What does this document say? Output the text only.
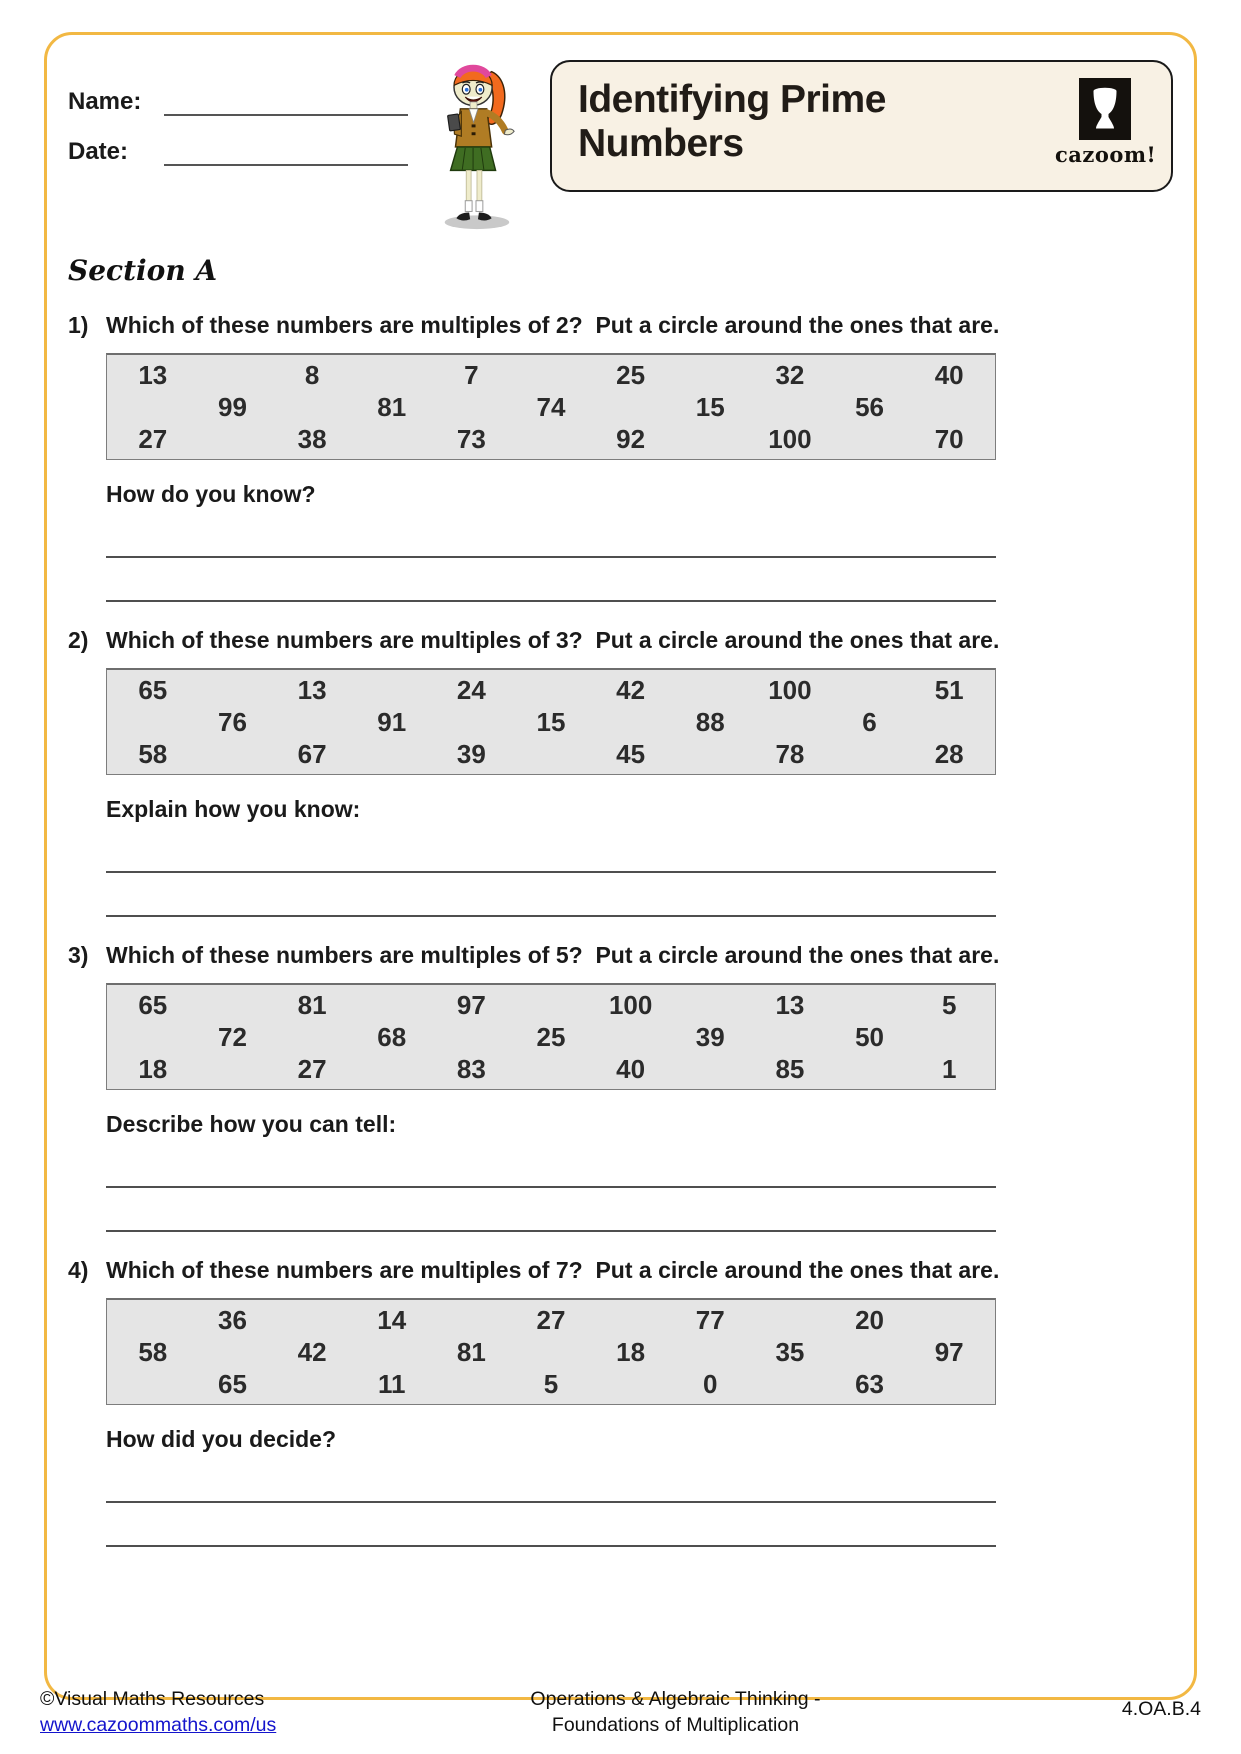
Name:
Date:
Identifying Prime
Numbers	cazoom!
Section A
1) Which of these numbers are multiples of 2?  Put a circle around the ones that are.
13	8	7	25	32	40
99	81	74	15	56
27	38	73	92	100	70
How do you know?
2) Which of these numbers are multiples of 3?  Put a circle around the ones that are.
65	13	24	42	100	51
76	91	15	88	6
58	67	39	45	78	28
Explain how you know:
3) Which of these numbers are multiples of 5?  Put a circle around the ones that are.
65	81	97	100	13	5
72	68	25	39	50
18	27	83	40	85	1
Describe how you can tell:
4) Which of these numbers are multiples of 7?  Put a circle around the ones that are.
36	14	27	77	20
58	42	81	18	35	97
65	11	5	0	63
How did you decide?
©Visual Maths Resources
www.cazoommaths.com/us
Operations & Algebraic Thinking -
Foundations of Multiplication
4.OA.B.4
